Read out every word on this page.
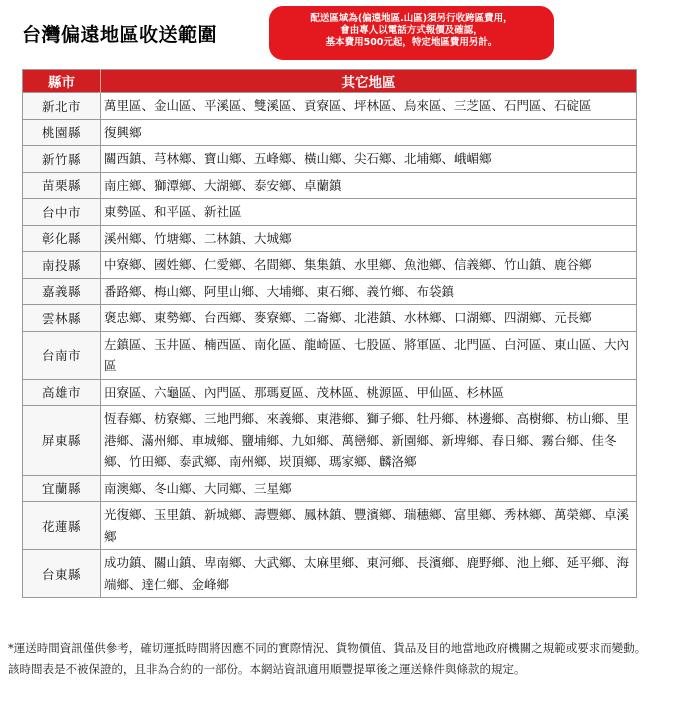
台灣偏遠地區收送範圍
配送區域為(偏遠地區.山區)須另行收跨區費用，
會由專人以電話方式報價及確認，
基本費用500元起，特定地區費用另計。
縣市	其它地區
新北市	萬里區、金山區、平溪區、雙溪區、貢寮區、坪林區、烏來區、三芝區、石門區、石碇區
桃園縣	復興鄉
新竹縣	關西鎮、芎林鄉、寶山鄉、五峰鄉、橫山鄉、尖石鄉、北埔鄉、峨嵋鄉
苗栗縣	南庄鄉、獅潭鄉、大湖鄉、泰安鄉、卓蘭鎮
台中市	東勢區、和平區、新社區
彰化縣	溪州鄉、竹塘鄉、二林鎮、大城鄉
南投縣	中寮鄉、國姓鄉、仁愛鄉、名間鄉、集集鎮、水里鄉、魚池鄉、信義鄉、竹山鎮、鹿谷鄉
嘉義縣	番路鄉、梅山鄉、阿里山鄉、大埔鄉、東石鄉、義竹鄉、布袋鎮
雲林縣	褒忠鄉、東勢鄉、台西鄉、麥寮鄉、二崙鄉、北港鎮、水林鄉、口湖鄉、四湖鄉、元長鄉
台南市	左鎮區、玉井區、楠西區、南化區、龍崎區、七股區、將軍區、北門區、白河區、東山區、大內區
高雄市	田寮區、六龜區、內門區、那瑪夏區、茂林區、桃源區、甲仙區、杉林區
屏東縣	恆春鄉、枋寮鄉、三地門鄉、來義鄉、東港鄉、獅子鄉、牡丹鄉、林邊鄉、高樹鄉、枋山鄉、里港鄉、滿州鄉、車城鄉、鹽埔鄉、九如鄉、萬巒鄉、新園鄉、新埤鄉、春日鄉、霧台鄉、佳冬鄉、竹田鄉、泰武鄉、南州鄉、崁頂鄉、瑪家鄉、麟洛鄉
宜蘭縣	南澳鄉、冬山鄉、大同鄉、三星鄉
花蓮縣	光復鄉、玉里鎮、新城鄉、壽豐鄉、鳳林鎮、豐濱鄉、瑞穗鄉、富里鄉、秀林鄉、萬榮鄉、卓溪鄉
台東縣	成功鎮、關山鎮、卑南鄉、大武鄉、太麻里鄉、東河鄉、長濱鄉、鹿野鄉、池上鄉、延平鄉、海端鄉、達仁鄉、金峰鄉
*運送時間資訊僅供參考，確切運抵時間將因應不同的實際情況、貨物價值、貨品及目的地當地政府機關之規範或要求而變動。該時間表是不被保證的，且非為合約的一部份。本網站資訊適用順豐提單後之運送條件與條款的規定。
